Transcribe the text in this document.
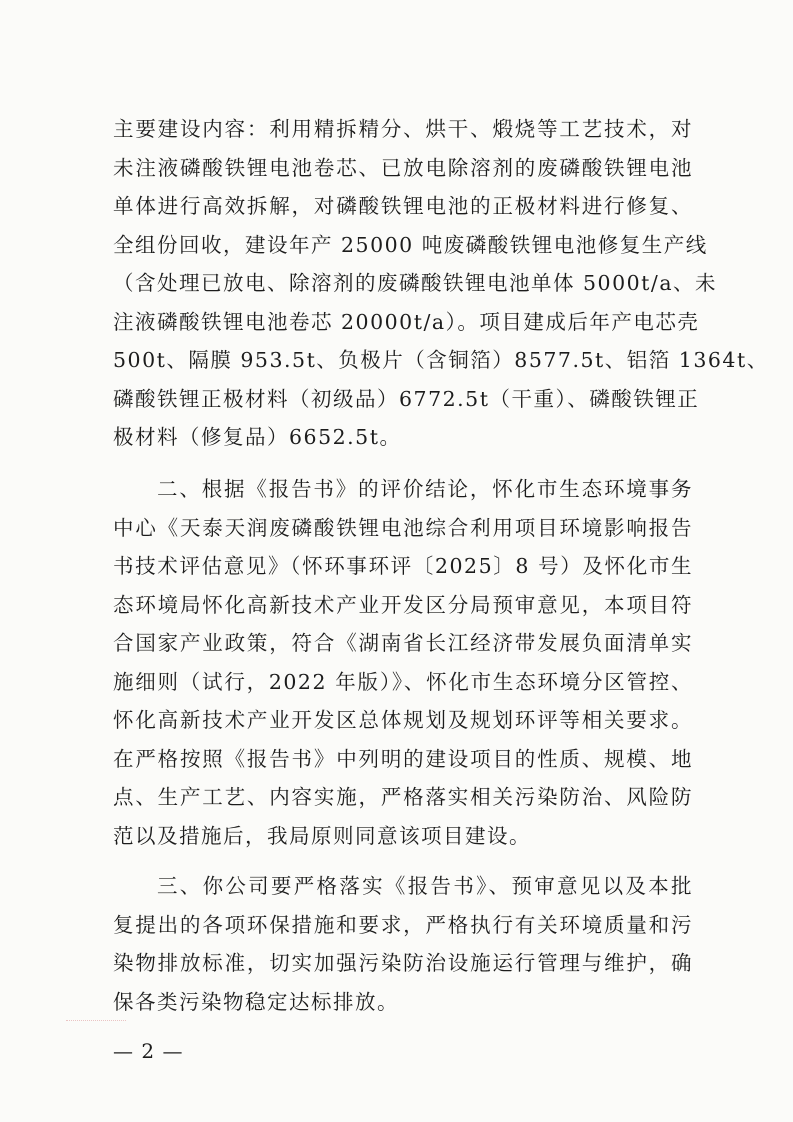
主要建设内容：利用精拆精分、烘干、煅烧等工艺技术，对
未注液磷酸铁锂电池卷芯、已放电除溶剂的废磷酸铁锂电池
单体进行高效拆解，对磷酸铁锂电池的正极材料进行修复、
全组份回收，建设年产 25000 吨废磷酸铁锂电池修复生产线
（含处理已放电、除溶剂的废磷酸铁锂电池单体 5000t/a、未
注液磷酸铁锂电池卷芯 20000t/a）。项目建成后年产电芯壳
500t、隔膜 953.5t、负极片（含铜箔）8577.5t、铝箔 1364t、
磷酸铁锂正极材料（初级品）6772.5t（干重）、磷酸铁锂正
极材料（修复品）6652.5t。
二、根据《报告书》的评价结论，怀化市生态环境事务
中心《天泰天润废磷酸铁锂电池综合利用项目环境影响报告
书技术评估意见》（怀环事环评〔2025〕8 号）及怀化市生
态环境局怀化高新技术产业开发区分局预审意见，本项目符
合国家产业政策，符合《湖南省长江经济带发展负面清单实
施细则（试行，2022 年版）》、怀化市生态环境分区管控、
怀化高新技术产业开发区总体规划及规划环评等相关要求。
在严格按照《报告书》中列明的建设项目的性质、规模、地
点、生产工艺、内容实施，严格落实相关污染防治、风险防
范以及措施后，我局原则同意该项目建设。
三、你公司要严格落实《报告书》、预审意见以及本批
复提出的各项环保措施和要求，严格执行有关环境质量和污
染物排放标准，切实加强污染防治设施运行管理与维护，确
保各类污染物稳定达标排放。
— 2 —
